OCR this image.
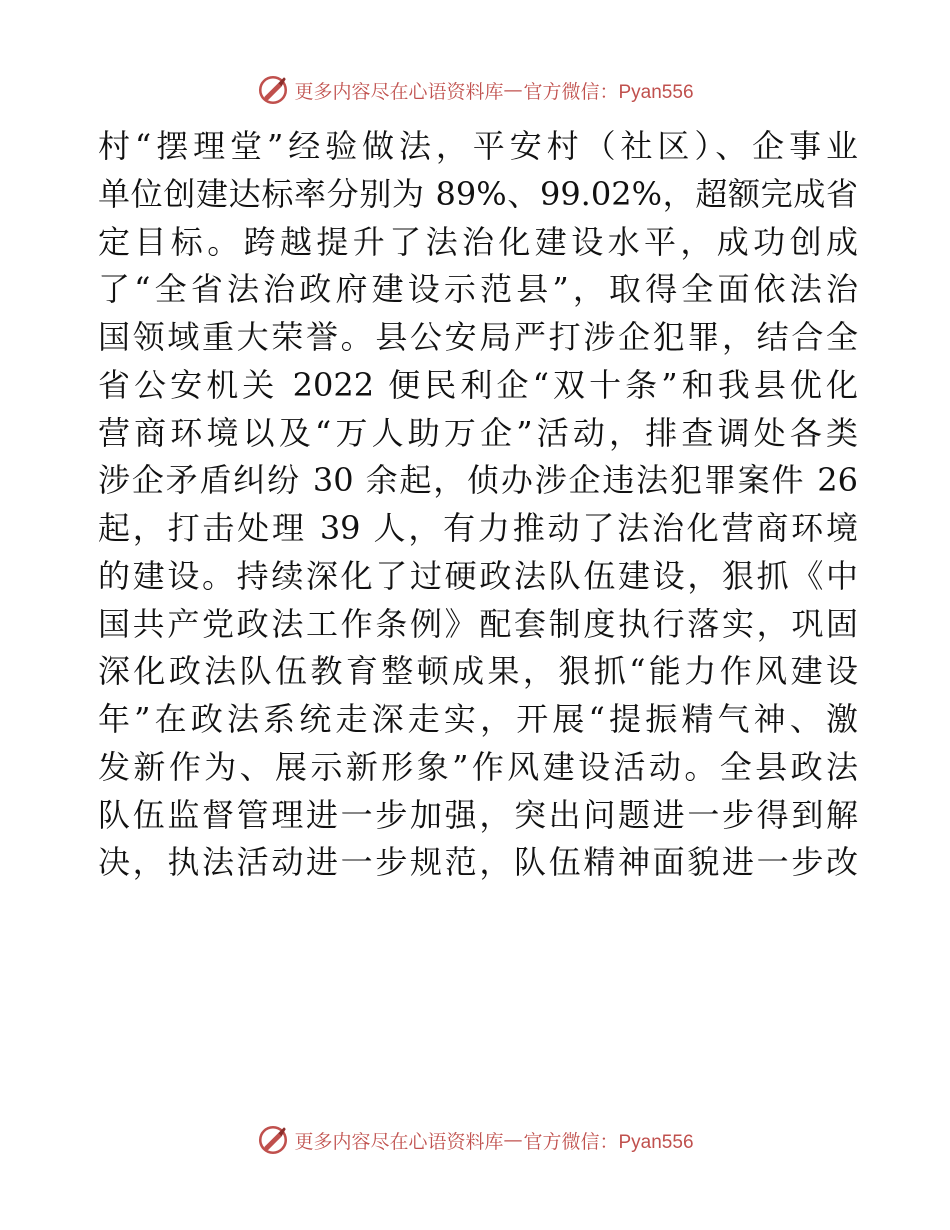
更多内容尽在心语资料库 — 官方微信：Pyan556
村“摆理堂”经验做法，平安村（社区）、企事业
单位创建达标率分别为 89%、99.02%，超额完成省
定目标。跨越提升了法治化建设水平，成功创成
了“全省法治政府建设示范县”，取得全面依法治
国领域重大荣誉。县公安局严打涉企犯罪，结合全
省公安机关 2022 便民利企“双十条”和我县优化
营商环境以及“万人助万企”活动，排查调处各类
涉企矛盾纠纷 30 余起，侦办涉企违法犯罪案件 26
起，打击处理 39 人，有力推动了法治化营商环境
的建设。持续深化了过硬政法队伍建设，狠抓《中
国共产党政法工作条例》配套制度执行落实，巩固
深化政法队伍教育整顿成果，狠抓“能力作风建设
年”在政法系统走深走实，开展“提振精气神、激
发新作为、展示新形象”作风建设活动。全县政法
队伍监督管理进一步加强，突出问题进一步得到解
决，执法活动进一步规范，队伍精神面貌进一步改
更多内容尽在心语资料库 — 官方微信：Pyan556
